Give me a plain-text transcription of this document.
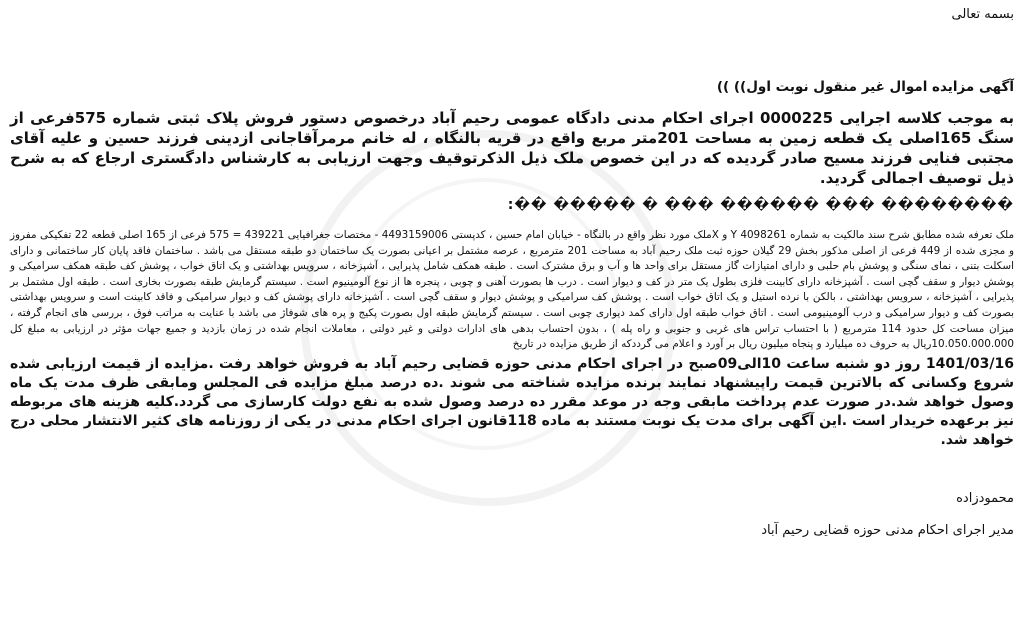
بسمه تعالی

آگهی مزایده اموال غیر منقول نوبت اول)) ))

به موجب کلاسه اجرایی 0000225 اجرای احکام مدنی دادگاه عمومی رحیم آباد درخصوص دستور فروش پلاک ثبتی شماره 575فرعی از سنگ 165اصلی یک قطعه زمین به مساحت 201متر مربع واقع در قریه بالنگاه ، له خانم مرمرآقاجانی ازدینی فرزند حسین و علیه آقای مجتبی فنایی فرزند مسیح صادر گردیده که در این خصوص ملک ذیل الذکرتوقیف وجهت ارزیابی به کارشناس دادگستری ارجاع که به شرح ذیل توصیف اجمالی گردید.

�������� ��� ������ ��� � ����� ��:

ملک تعرفه شده مطابق شرح سند مالکیت به شماره 4098261 Y و Xملک مورد نظر واقع در بالنگاه - خیابان امام حسین ، کدپستی 4493159006 - مختصات جغرافیایی 439221 = 575 فرعی از 165 اصلی قطعه 22 تفکیکی مفروز و مجزی شده از 449 فرعی از اصلی مذکور بخش 29 گیلان حوزه ثبت ملک رحیم آباد به مساحت 201 مترمربع ، عرصه مشتمل بر اعیانی بصورت یک ساختمان دو طبقه مستقل می باشد . ساختمان فاقد پایان کار ساختمانی و دارای اسکلت بتنی ، نمای سنگی و پوشش بام حلبی و دارای امتیازات گاز مستقل برای واحد ها و آب و برق مشترک است . طبقه همکف شامل پذیرایی ، آشپزخانه ، سرویس بهداشتی و یک اتاق خواب ، پوشش کف طبقه همکف سرامیکی و پوشش دیوار و سقف گچی است . آشپزخانه دارای کابینت فلزی بطول یک متر در کف و دیوار است . درب ها بصورت آهنی و چوبی ، پنجره ها از نوع آلومینیوم است . سیستم گرمایش طبقه بصورت بخاری است . طبقه اول مشتمل بر پذیرایی ، آشپزخانه ، سرویس بهداشتی ، بالکن با نرده استیل و یک اتاق خواب است . پوشش کف سرامیکی و پوشش دیوار و سقف گچی است . آشپزخانه دارای پوشش کف و دیوار سرامیکی و فاقد کابینت است و سرویس بهداشتی بصورت کف و دیوار سرامیکی و درب آلومینیومی است . اتاق خواب طبقه اول دارای کمد دیواری چوبی است . سیستم گرمایش طبقه اول بصورت پکیج و پره های شوفاژ می باشد با عنایت به مراتب فوق ، بررسی های انجام گرفته ، میزان مساحت کل حدود 114 مترمربع ( با احتساب تراس های غربی و جنوبی و راه پله ) ، بدون احتساب بدهی های ادارات دولتی و غیر دولتی ، معاملات انجام شده در زمان بازدید و جمیع جهات مؤثر در ارزیابی به مبلغ کل 10.050.000.000ریال به حروف ده میلیارد و پنجاه میلیون ریال بر آورد و اعلام می گرددکه از طریق مزایده در تاریخ

1401/03/16 روز دو شنبه ساعت 10الی09صبح در اجرای احکام مدنی حوزه قضایی رحیم آباد به فروش خواهد رفت .مزایده از قیمت ارزیابی شده شروع وکسانی که بالاترین قیمت راپیشنهاد نمایند برنده مزایده شناخته می شوند .ده درصد مبلغ مزایده فی المجلس ومابقی ظرف مدت یک ماه وصول خواهد شد.در صورت عدم پرداخت مابقی وجه در موعد مقرر ده درصد وصول شده به نفع دولت کارسازی می گردد.کلیه هزینه های مربوطه نیز برعهده خریدار است .این آگهی برای مدت یک نوبت مستند به ماده 118قانون اجرای احکام مدنی در یکی از روزنامه های کثیر الانتشار محلی درج خواهد شد.

محمودزاده

مدیر اجرای احکام مدنی حوزه قضایی رحیم آباد
